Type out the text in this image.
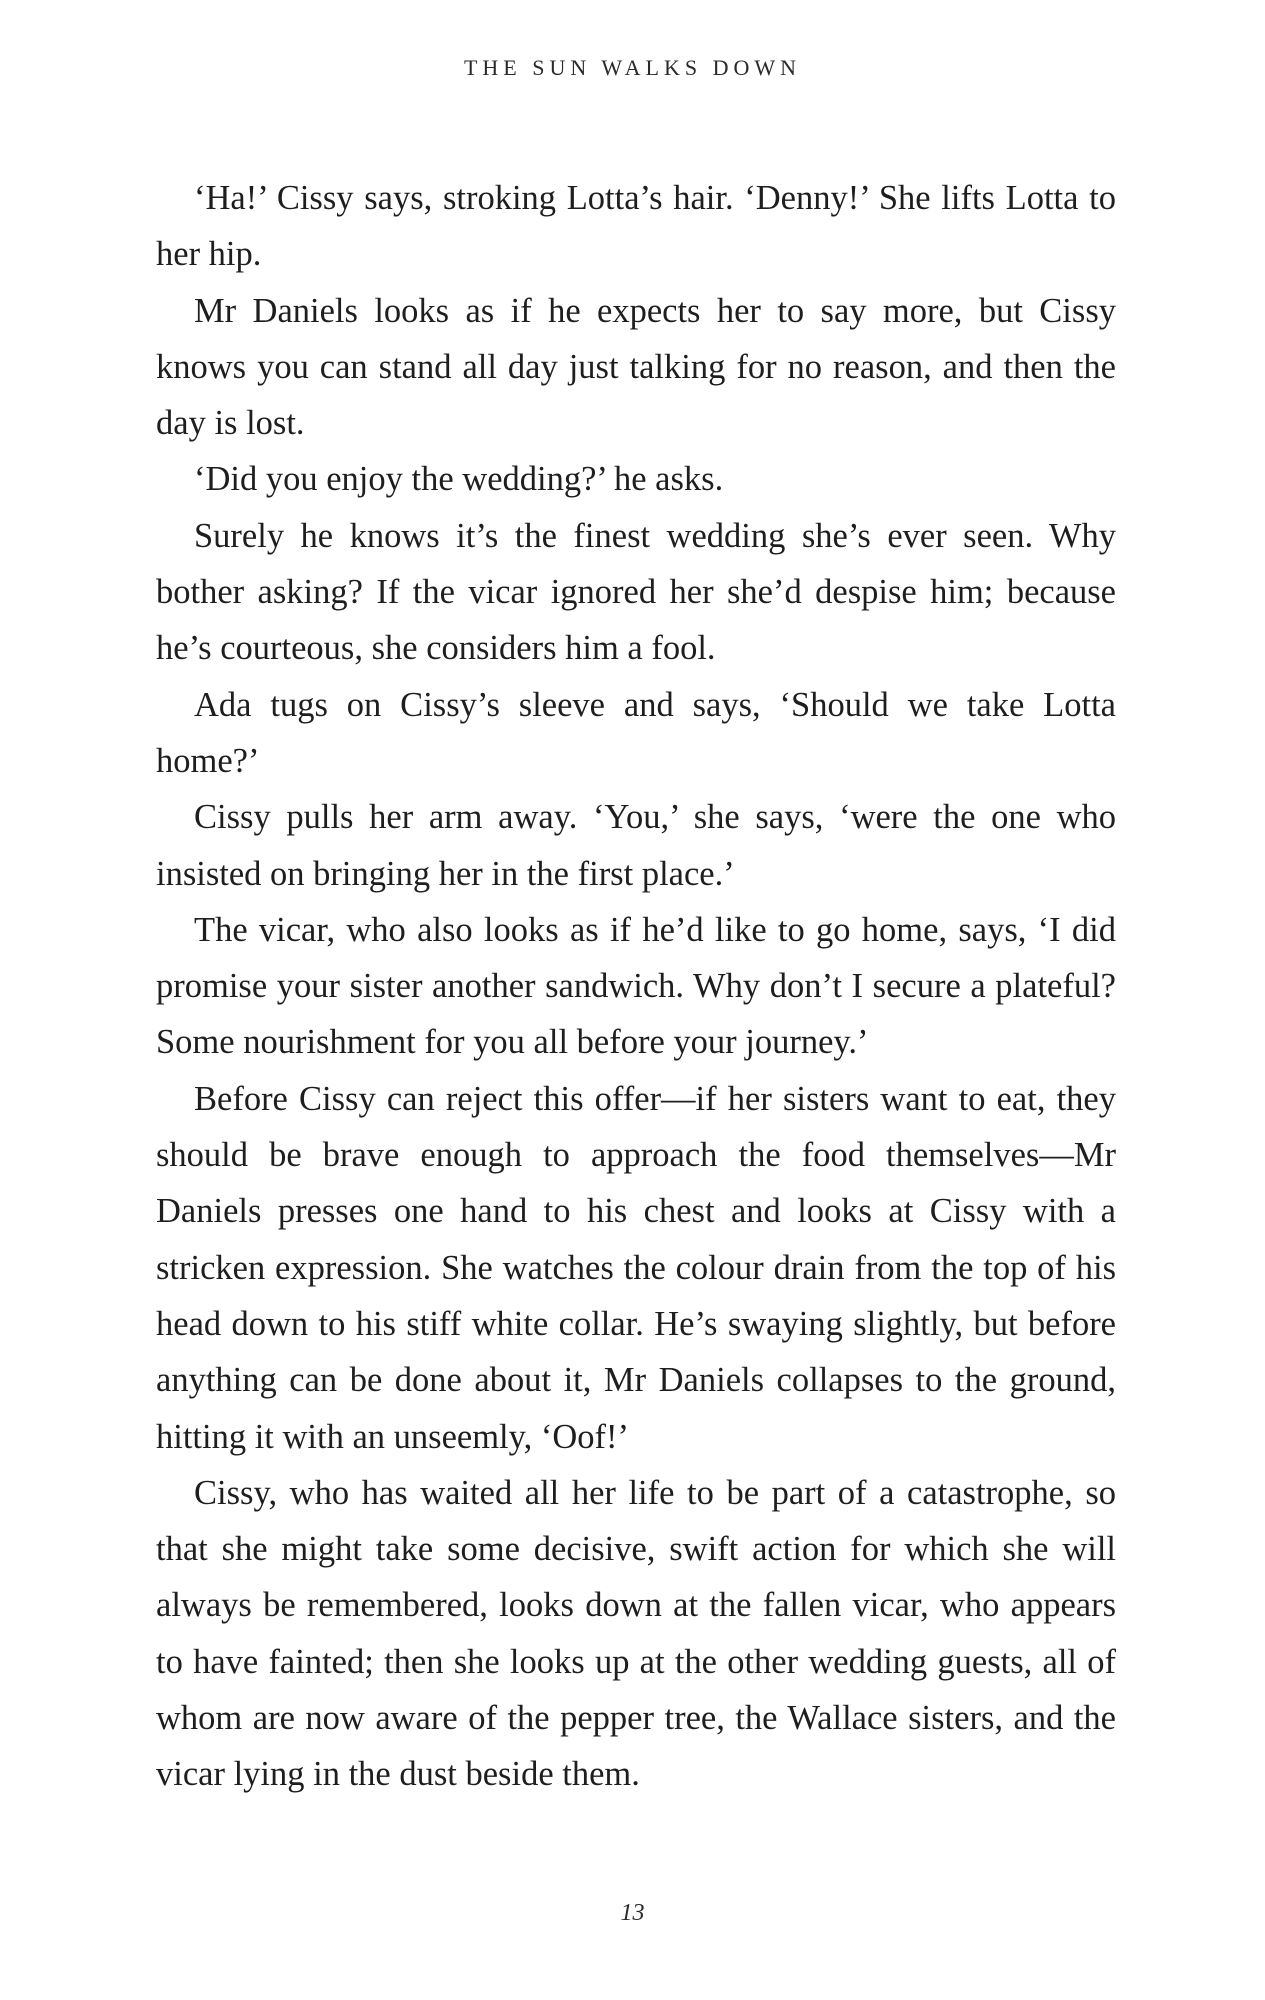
THE SUN WALKS DOWN

‘Ha!’ Cissy says, stroking Lotta’s hair. ‘Denny!’ She lifts Lotta to her hip.

Mr Daniels looks as if he expects her to say more, but Cissy knows you can stand all day just talking for no reason, and then the day is lost.

‘Did you enjoy the wedding?’ he asks.

Surely he knows it’s the finest wedding she’s ever seen. Why bother asking? If the vicar ignored her she’d despise him; because he’s courteous, she considers him a fool.

Ada tugs on Cissy’s sleeve and says, ‘Should we take Lotta home?’

Cissy pulls her arm away. ‘You,’ she says, ‘were the one who insisted on bringing her in the first place.’

The vicar, who also looks as if he’d like to go home, says, ‘I did promise your sister another sandwich. Why don’t I secure a plateful? Some nourishment for you all before your journey.’

Before Cissy can reject this offer—if her sisters want to eat, they should be brave enough to approach the food themselves—Mr Daniels presses one hand to his chest and looks at Cissy with a stricken expression. She watches the colour drain from the top of his head down to his stiff white collar. He’s swaying slightly, but before anything can be done about it, Mr Daniels collapses to the ground, hitting it with an unseemly, ‘Oof!’

Cissy, who has waited all her life to be part of a catastrophe, so that she might take some decisive, swift action for which she will always be remembered, looks down at the fallen vicar, who appears to have fainted; then she looks up at the other wedding guests, all of whom are now aware of the pepper tree, the Wallace sisters, and the vicar lying in the dust beside them.

13
